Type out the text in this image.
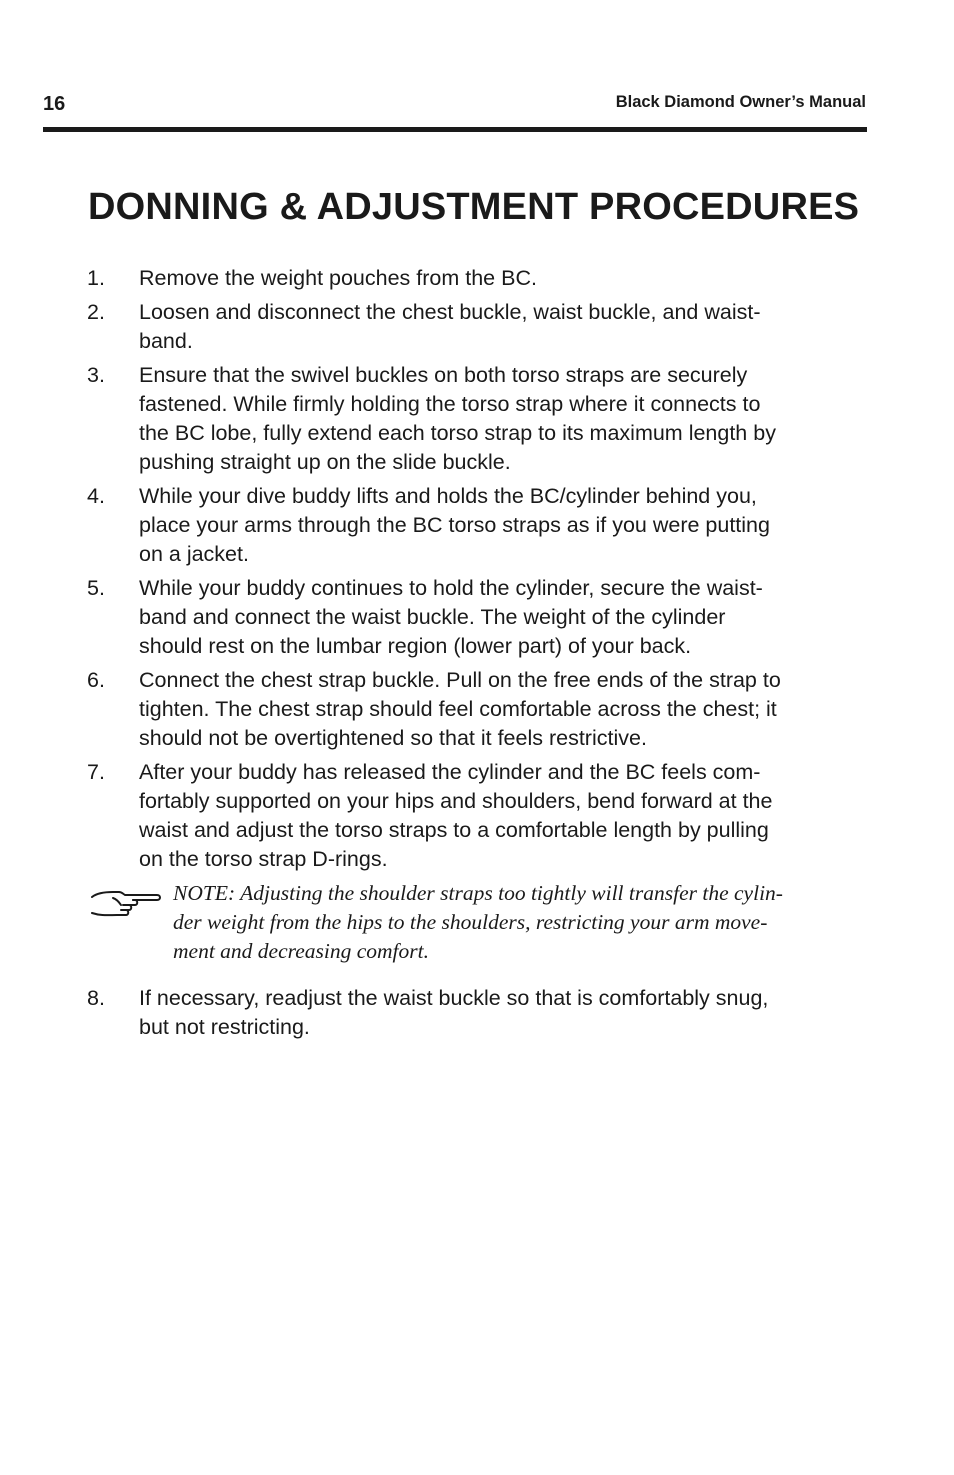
16	Black Diamond Owner’s Manual
DONNING & ADJUSTMENT PROCEDURES
1. Remove the weight pouches from the BC.
2. Loosen and disconnect the chest buckle, waist buckle, and waist-
band.
3. Ensure that the swivel buckles on both torso straps are securely
fastened. While firmly holding the torso strap where it connects to
the BC lobe, fully extend each torso strap to its maximum length by
pushing straight up on the slide buckle.
4. While your dive buddy lifts and holds the BC/cylinder behind you,
place your arms through the BC torso straps as if you were putting
on a jacket.
5. While your buddy continues to hold the cylinder, secure the waist-
band and connect the waist buckle. The weight of the cylinder
should rest on the lumbar region (lower part) of your back.
6. Connect the chest strap buckle. Pull on the free ends of the strap to
tighten. The chest strap should feel comfortable across the chest; it
should not be overtightened so that it feels restrictive.
7. After your buddy has released the cylinder and the BC feels com-
fortably supported on your hips and shoulders, bend forward at the
waist and adjust the torso straps to a comfortable length by pulling
on the torso strap D-rings.
NOTE: Adjusting the shoulder straps too tightly will transfer the cylin-
der weight from the hips to the shoulders, restricting your arm move-
ment and decreasing comfort.
8. If necessary, readjust the waist buckle so that is comfortably snug,
but not restricting.
